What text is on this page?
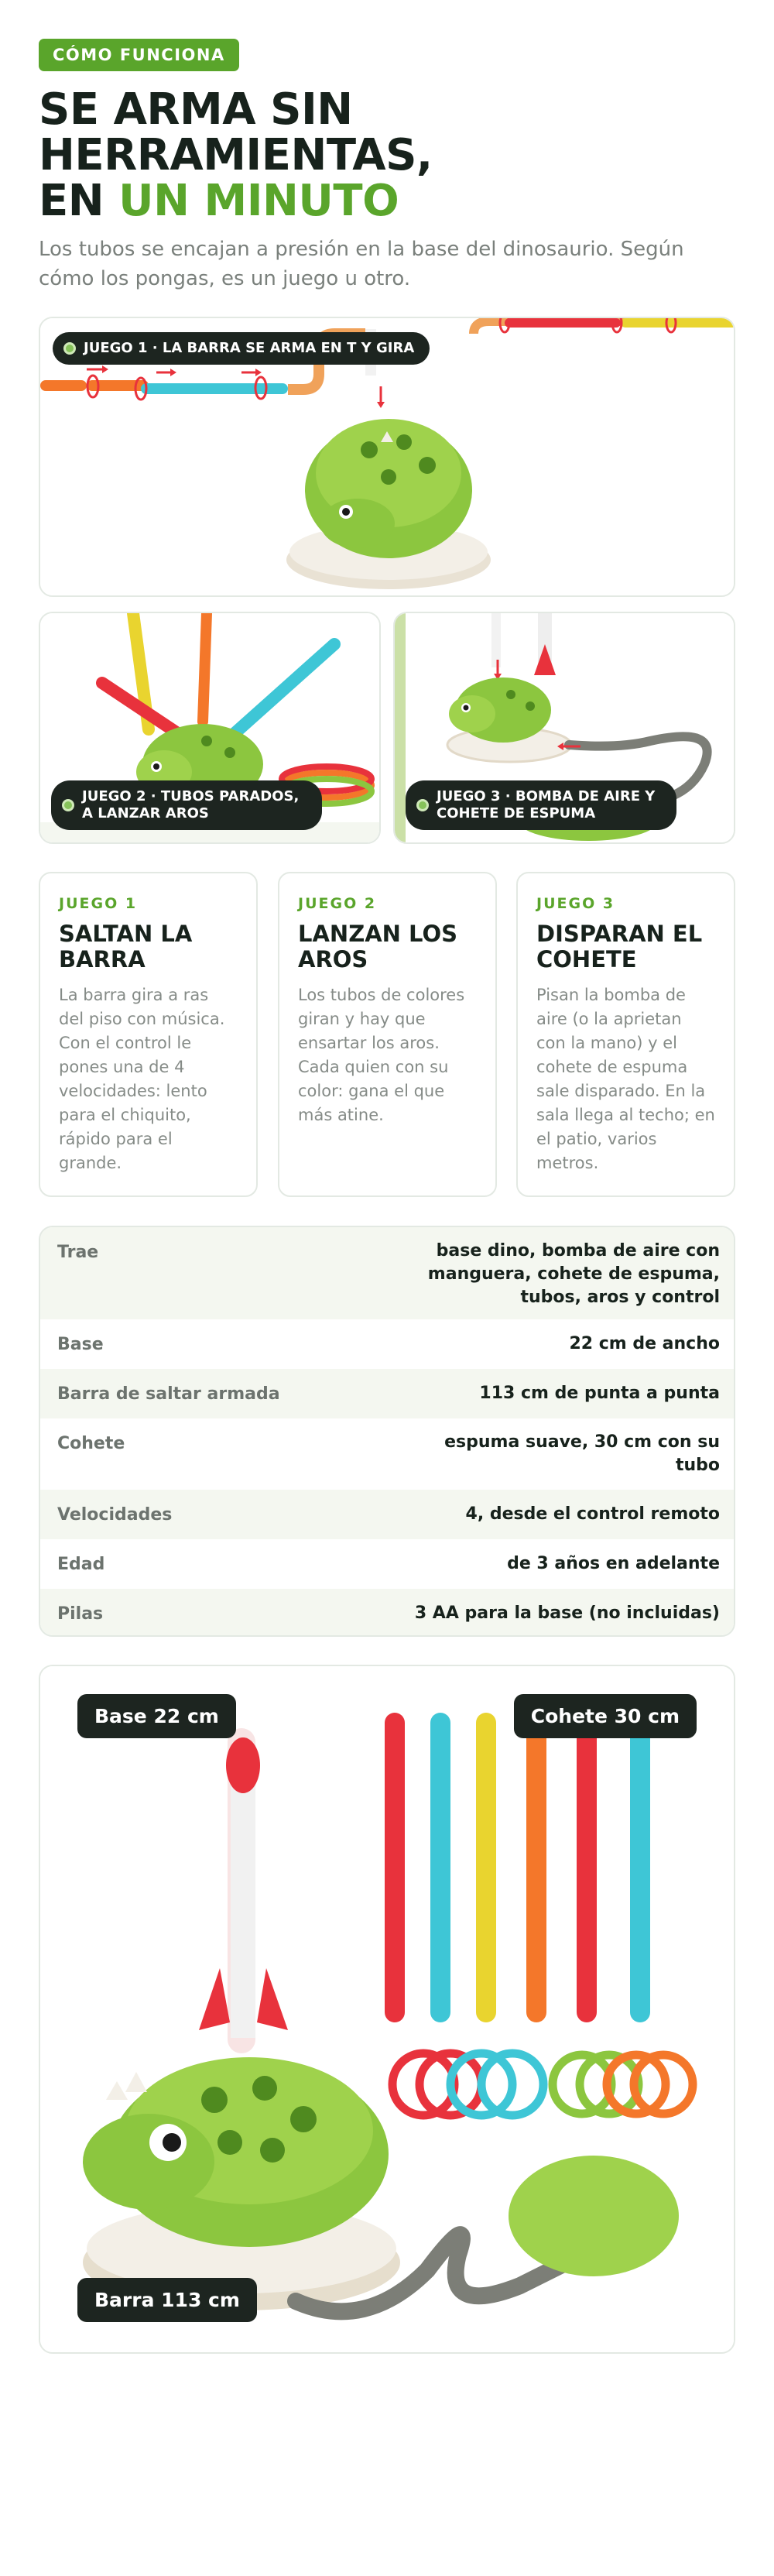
CÓMO FUNCIONA
SE ARMA SIN
HERRAMIENTAS,
EN UN MINUTO
Los tubos se encajan a presión en la base del dinosaurio. Según cómo los pongas, es un juego u otro.
JUEGO 1 · LA BARRA SE ARMA EN T Y GIRA
JUEGO 2 · TUBOS PARADOS, A LANZAR AROS
JUEGO 3 · BOMBA DE AIRE Y COHETE DE ESPUMA
JUEGO 1
SALTAN LA BARRA
La barra gira a ras del piso con música. Con el control le pones una de 4 velocidades: lento para el chiquito, rápido para el grande.
JUEGO 2
LANZAN LOS AROS
Los tubos de colores giran y hay que ensartar los aros. Cada quien con su color: gana el que más atine.
JUEGO 3
DISPARAN EL COHETE
Pisan la bomba de aire (o la aprietan con la mano) y el cohete de espuma sale disparado. En la sala llega al techo; en el patio, varios metros.
Trae	base dino, bomba de aire con manguera, cohete de espuma, tubos, aros y control
Base	22 cm de ancho
Barra de saltar armada	113 cm de punta a punta
Cohete	espuma suave, 30 cm con su tubo
Velocidades	4, desde el control remoto
Edad	de 3 años en adelante
Pilas	3 AA para la base (no incluidas)
Base 22 cm	Cohete 30 cm
Barra 113 cm
